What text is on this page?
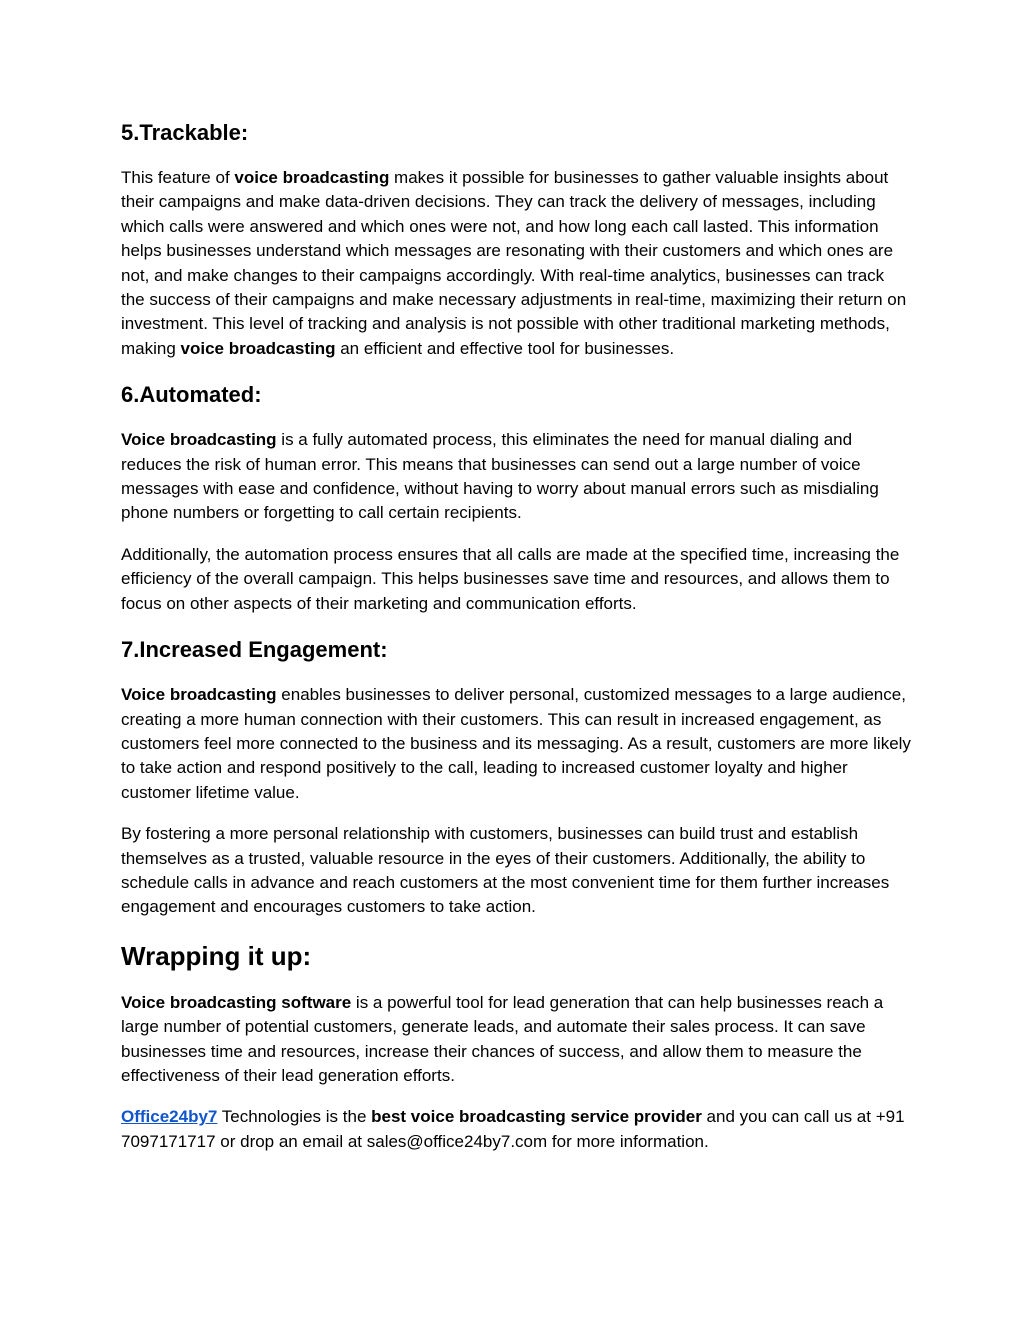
5.Trackable:

This feature of voice broadcasting makes it possible for businesses to gather valuable insights about their campaigns and make data-driven decisions. They can track the delivery of messages, including which calls were answered and which ones were not, and how long each call lasted. This information helps businesses understand which messages are resonating with their customers and which ones are not, and make changes to their campaigns accordingly. With real-time analytics, businesses can track the success of their campaigns and make necessary adjustments in real-time, maximizing their return on investment. This level of tracking and analysis is not possible with other traditional marketing methods, making voice broadcasting an efficient and effective tool for businesses.

6.Automated:

Voice broadcasting is a fully automated process, this eliminates the need for manual dialing and reduces the risk of human error. This means that businesses can send out a large number of voice messages with ease and confidence, without having to worry about manual errors such as misdialing phone numbers or forgetting to call certain recipients.

Additionally, the automation process ensures that all calls are made at the specified time, increasing the efficiency of the overall campaign. This helps businesses save time and resources, and allows them to focus on other aspects of their marketing and communication efforts.

7.Increased Engagement:

Voice broadcasting enables businesses to deliver personal, customized messages to a large audience, creating a more human connection with their customers. This can result in increased engagement, as customers feel more connected to the business and its messaging. As a result, customers are more likely to take action and respond positively to the call, leading to increased customer loyalty and higher customer lifetime value.

By fostering a more personal relationship with customers, businesses can build trust and establish themselves as a trusted, valuable resource in the eyes of their customers. Additionally, the ability to schedule calls in advance and reach customers at the most convenient time for them further increases engagement and encourages customers to take action.

Wrapping it up:

Voice broadcasting software is a powerful tool for lead generation that can help businesses reach a large number of potential customers, generate leads, and automate their sales process. It can save businesses time and resources, increase their chances of success, and allow them to measure the effectiveness of their lead generation efforts.

Office24by7 Technologies is the best voice broadcasting service provider and you can call us at +91 7097171717 or drop an email at sales@office24by7.com for more information.
